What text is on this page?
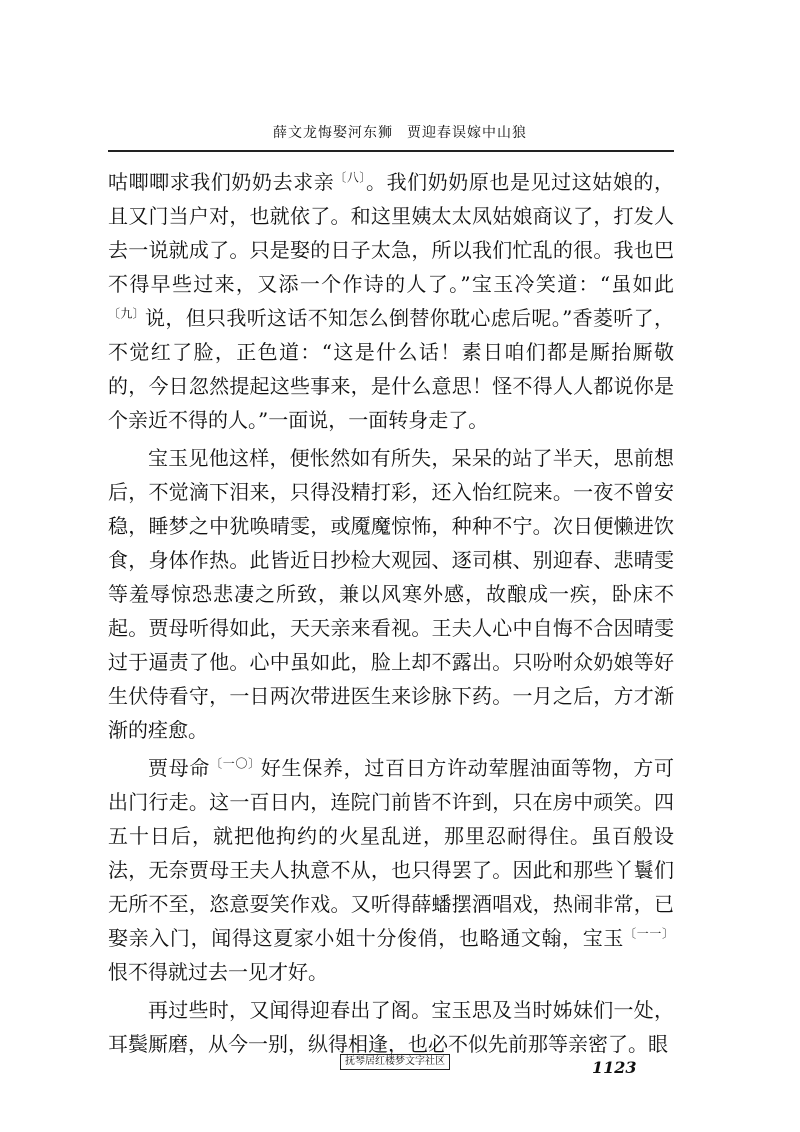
薛文龙悔娶河东狮 贾迎春误嫁中山狼

咕唧唧求我们奶奶去求亲$^{〔八〕}$。我们奶奶原也是见过这姑娘的，且又门当户对，也就依了。和这里姨太太凤姑娘商议了，打发人去一说就成了。只是娶的日子太急，所以我们忙乱的很。我也巴不得早些过来，又添一个作诗的人了。”宝玉冷笑道：“虽如此$^{〔九〕}$说，但只我听这话不知怎么倒替你耽心虑后呢。”香菱听了，不觉红了脸，正色道：“这是什么话！素日咱们都是厮抬厮敬的，今日忽然提起这些事来，是什么意思！怪不得人人都说你是个亲近不得的人。”一面说，一面转身走了。

宝玉见他这样，便怅然如有所失，呆呆的站了半天，思前想后，不觉滴下泪来，只得没精打彩，还入怡红院来。一夜不曾安稳，睡梦之中犹唤晴雯，或魇魔惊怖，种种不宁。次日便懒进饮食，身体作热。此皆近日抄检大观园、逐司棋、别迎春、悲晴雯等羞辱惊恐悲凄之所致，兼以风寒外感，故酿成一疾，卧床不起。贾母听得如此，天天亲来看视。王夫人心中自悔不合因晴雯过于逼责了他。心中虽如此，脸上却不露出。只吩咐众奶娘等好生伏侍看守，一日两次带进医生来诊脉下药。一月之后，方才渐渐的痊愈。

贾母命$^{〔一〇〕}$好生保养，过百日方许动荤腥油面等物，方可出门行走。这一百日内，连院门前皆不许到，只在房中顽笑。四五十日后，就把他拘约的火星乱迸，那里忍耐得住。虽百般设法，无奈贾母王夫人执意不从，也只得罢了。因此和那些丫鬟们无所不至，恣意耍笑作戏。又听得薛蟠摆酒唱戏，热闹非常，已娶亲入门，闻得这夏家小姐十分俊俏，也略通文翰，宝玉$^{〔一一〕}$恨不得就过去一见才好。

再过些时，又闻得迎春出了阁。宝玉思及当时姊妹们一处，耳鬓厮磨，从今一别，纵得相逢，也必不似先前那等亲密了。眼

抚琴居红楼梦文字社区	1123
